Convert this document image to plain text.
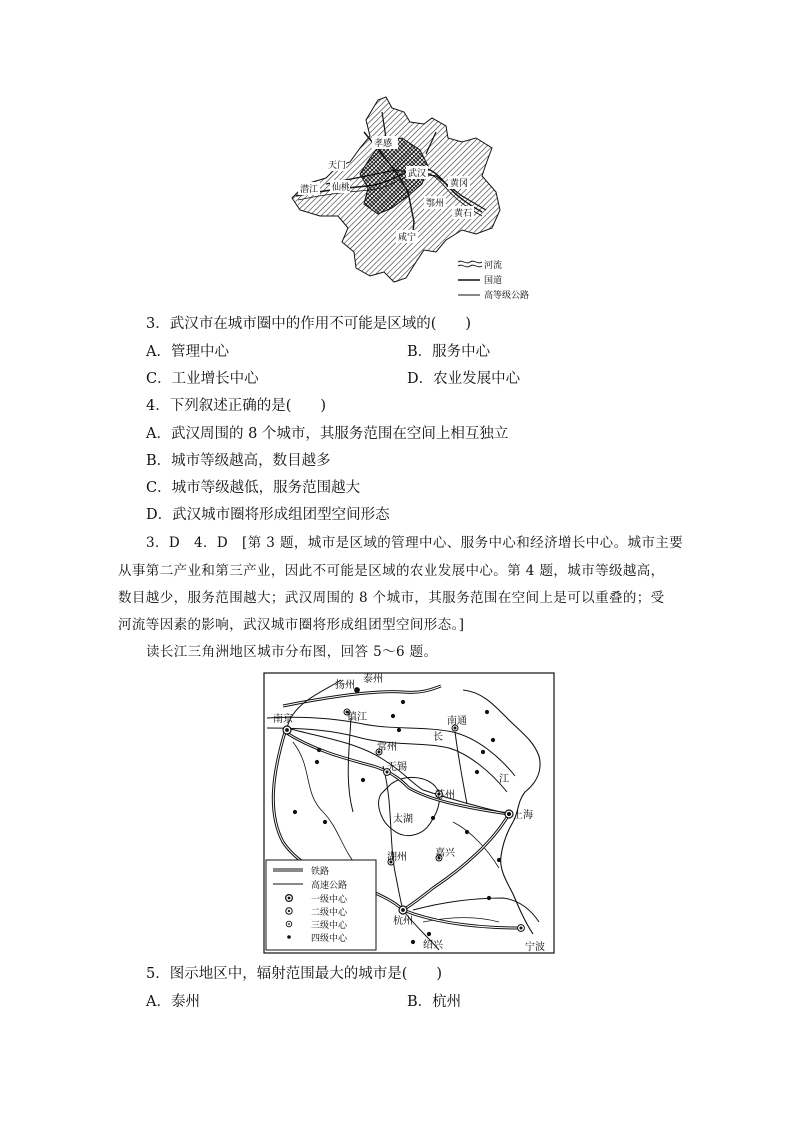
孝感
天门
潜江 仙桃	黄冈
鄂州
黄石
咸宁
武汉
河流
国道
高等级公路
3．武汉市在城市圈中的作用不可能是区域的(　　)
A．管理中心	B．服务中心
C．工业增长中心	D．农业发展中心
4．下列叙述正确的是(　　)
A．武汉周围的 8 个城市，其服务范围在空间上相互独立
B．城市等级越高，数目越多
C．城市等级越低，服务范围越大
D．武汉城市圈将形成组团型空间形态
3．D　4．D　[第 3 题，城市是区域的管理中心、服务中心和经济增长中心。城市主要
从事第二产业和第三产业，因此不可能是区域的农业发展中心。第 4 题，城市等级越高，
数目越少，服务范围越大；武汉周围的 8 个城市，其服务范围在空间上是可以重叠的；受
河流等因素的影响，武汉城市圈将形成组团型空间形态。]
读长江三角洲地区城市分布图，回答 5～6 题。
扬州
泰州
南京	镇江	南通
常州
无锡
苏州
上海
太湖
湖州	嘉兴
杭州
绍兴	宁波
长
江
铁路
高速公路
一级中心
二级中心
三级中心
四级中心
5．图示地区中，辐射范围最大的城市是(　　)
A．泰州	B．杭州
